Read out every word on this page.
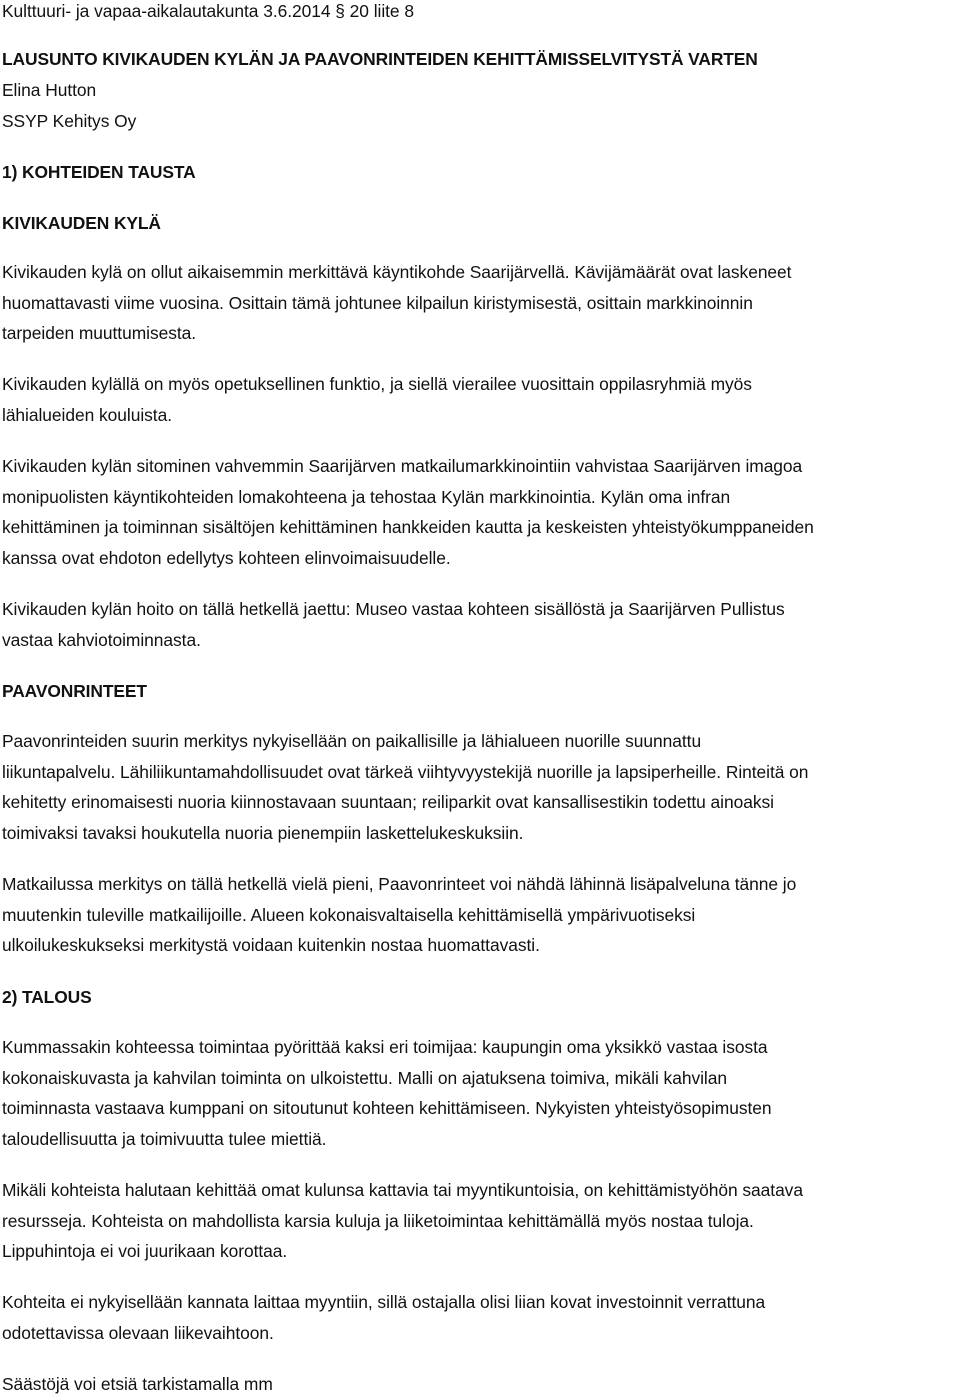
Kulttuuri- ja vapaa-aikalautakunta 3.6.2014 § 20 liite 8
LAUSUNTO KIVIKAUDEN KYLÄN JA PAAVONRINTEIDEN KEHITTÄMISSELVITYSTÄ VARTEN
Elina Hutton
SSYP Kehitys Oy
1) KOHTEIDEN TAUSTA
KIVIKAUDEN KYLÄ
Kivikauden kylä on ollut aikaisemmin merkittävä käyntikohde Saarijärvellä. Kävijämäärät ovat laskeneet
huomattavasti viime vuosina. Osittain tämä johtunee kilpailun kiristymisestä, osittain markkinoinnin
tarpeiden muuttumisesta.
Kivikauden kylällä on myös opetuksellinen funktio, ja siellä vierailee vuosittain oppilasryhmiä myös
lähialueiden kouluista.
Kivikauden kylän sitominen vahvemmin Saarijärven matkailumarkkinointiin vahvistaa Saarijärven imagoa
monipuolisten käyntikohteiden lomakohteena ja tehostaa Kylän markkinointia. Kylän oma infran
kehittäminen ja toiminnan sisältöjen kehittäminen hankkeiden kautta ja keskeisten yhteistyökumppaneiden
kanssa ovat ehdoton edellytys kohteen elinvoimaisuudelle.
Kivikauden kylän hoito on tällä hetkellä jaettu: Museo vastaa kohteen sisällöstä ja Saarijärven Pullistus
vastaa kahviotoiminnasta.
PAAVONRINTEET
Paavonrinteiden suurin merkitys nykyisellään on paikallisille ja lähialueen nuorille suunnattu
liikuntapalvelu. Lähiliikuntamahdollisuudet ovat tärkeä viihtyvyystekijä nuorille ja lapsiperheille. Rinteitä on
kehitetty erinomaisesti nuoria kiinnostavaan suuntaan; reiliparkit ovat kansallisestikin todettu ainoaksi
toimivaksi tavaksi houkutella nuoria pienempiin laskettelukeskuksiin.
Matkailussa merkitys on tällä hetkellä vielä pieni, Paavonrinteet voi nähdä lähinnä lisäpalveluna tänne jo
muutenkin tuleville matkailijoille. Alueen kokonaisvaltaisella kehittämisellä ympärivuotiseksi
ulkoilukeskukseksi merkitystä voidaan kuitenkin nostaa huomattavasti.
2) TALOUS
Kummassakin kohteessa toimintaa pyörittää kaksi eri toimijaa: kaupungin oma yksikkö vastaa isosta
kokonaiskuvasta ja kahvilan toiminta on ulkoistettu. Malli on ajatuksena toimiva, mikäli kahvilan
toiminnasta vastaava kumppani on sitoutunut kohteen kehittämiseen. Nykyisten yhteistyösopimusten
taloudellisuutta ja toimivuutta tulee miettiä.
Mikäli kohteista halutaan kehittää omat kulunsa kattavia tai myyntikuntoisia, on kehittämistyöhön saatava
resursseja. Kohteista on mahdollista karsia kuluja ja liiketoimintaa kehittämällä myös nostaa tuloja.
Lippuhintoja ei voi juurikaan korottaa.
Kohteita ei nykyisellään kannata laittaa myyntiin, sillä ostajalla olisi liian kovat investoinnit verrattuna
odotettavissa olevaan liikevaihtoon.
Säästöjä voi etsiä tarkistamalla mm
